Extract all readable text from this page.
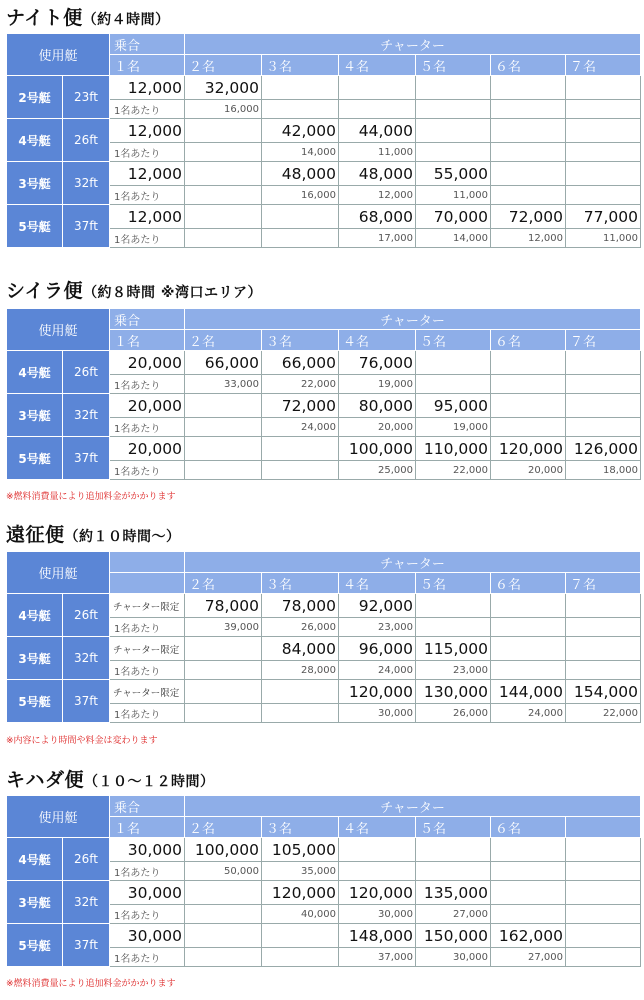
ナイト便（約４時間）
使用艇		乗合	チャーター					
		１名	２名	３名	４名	５名	６名	７名
2号艇	23ft	12,000	32,000					
		1名あたり	16,000					
4号艇	26ft	12,000		42,000	44,000			
		1名あたり		14,000	11,000			
3号艇	32ft	12,000		48,000	48,000	55,000		
		1名あたり		16,000	12,000	11,000		
5号艇	37ft	12,000			68,000	70,000	72,000	77,000
		1名あたり			17,000	14,000	12,000	11,000
シイラ便（約８時間 ※湾口エリア）
使用艇		乗合	チャーター					
		１名	２名	３名	４名	５名	６名	７名
4号艇	26ft	20,000	66,000	66,000	76,000			
		1名あたり	33,000	22,000	19,000			
3号艇	32ft	20,000		72,000	80,000	95,000		
		1名あたり		24,000	20,000	19,000		
5号艇	37ft	20,000			100,000	110,000	120,000	126,000
		1名あたり			25,000	22,000	20,000	18,000
※燃料消費量により追加料金がかかります
遠征便（約１０時間〜）
使用艇			チャーター					
			２名	３名	４名	５名	６名	７名
4号艇	26ft	チャーター限定	78,000	78,000	92,000			
		1名あたり	39,000	26,000	23,000			
3号艇	32ft	チャーター限定		84,000	96,000	115,000		
		1名あたり		28,000	24,000	23,000		
5号艇	37ft	チャーター限定			120,000	130,000	144,000	154,000
		1名あたり			30,000	26,000	24,000	22,000
※内容により時間や料金は変わります
キハダ便（１０〜１２時間）
使用艇		乗合	チャーター					
		１名	２名	３名	４名	５名	６名	
4号艇	26ft	30,000	100,000	105,000				
		1名あたり	50,000	35,000				
3号艇	32ft	30,000		120,000	120,000	135,000		
		1名あたり		40,000	30,000	27,000		
5号艇	37ft	30,000			148,000	150,000	162,000	
		1名あたり			37,000	30,000	27,000	
※燃料消費量により追加料金がかかります
